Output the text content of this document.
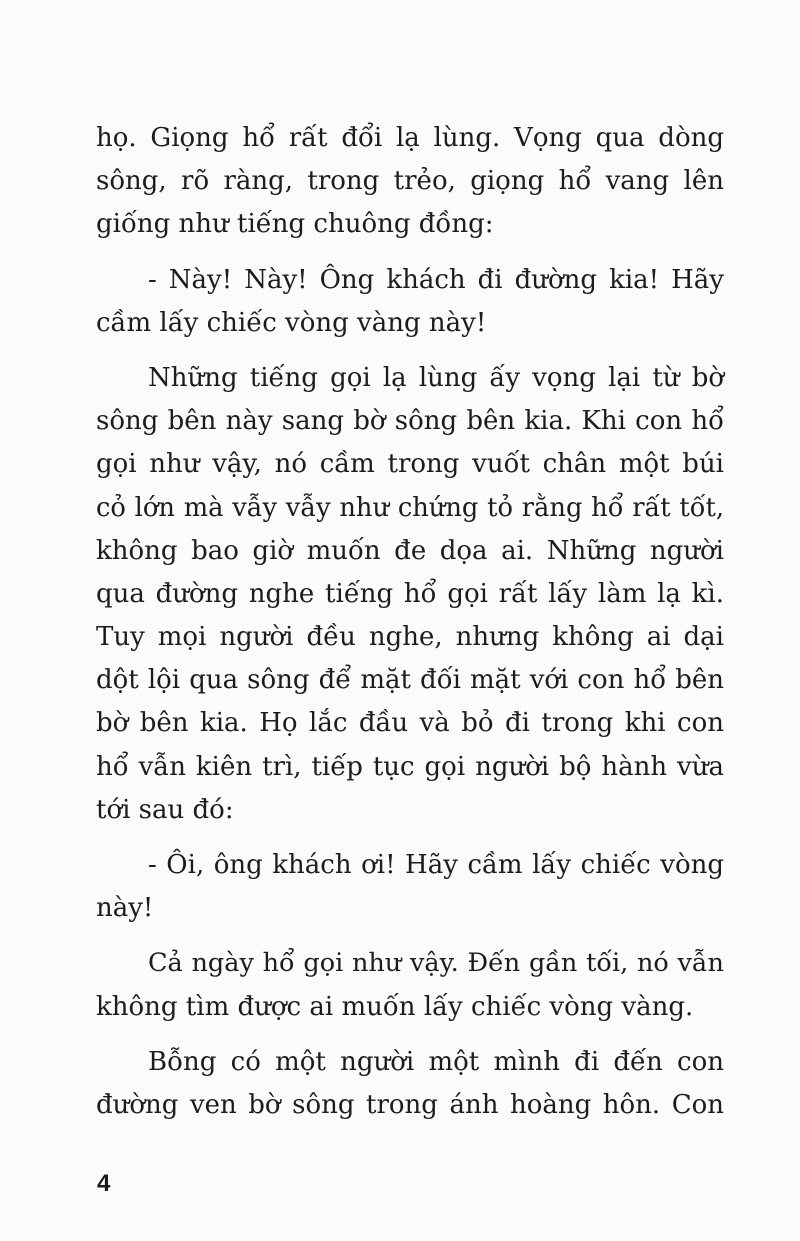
họ. Giọng hổ rất đổi lạ lùng. Vọng qua dòng
sông, rõ ràng, trong trẻo, giọng hổ vang lên
giống như tiếng chuông đồng:
- Này! Này! Ông khách đi đường kia! Hãy
cầm lấy chiếc vòng vàng này!
Những tiếng gọi lạ lùng ấy vọng lại từ bờ
sông bên này sang bờ sông bên kia. Khi con hổ
gọi như vậy, nó cầm trong vuốt chân một búi
cỏ lớn mà vẫy vẫy như chứng tỏ rằng hổ rất tốt,
không bao giờ muốn đe dọa ai. Những người
qua đường nghe tiếng hổ gọi rất lấy làm lạ kì.
Tuy mọi người đều nghe, nhưng không ai dại
dột lội qua sông để mặt đối mặt với con hổ bên
bờ bên kia. Họ lắc đầu và bỏ đi trong khi con
hổ vẫn kiên trì, tiếp tục gọi người bộ hành vừa
tới sau đó:
- Ôi, ông khách ơi! Hãy cầm lấy chiếc vòng
này!
Cả ngày hổ gọi như vậy. Đến gần tối, nó vẫn
không tìm được ai muốn lấy chiếc vòng vàng.
Bỗng có một người một mình đi đến con
đường ven bờ sông trong ánh hoàng hôn. Con
4
